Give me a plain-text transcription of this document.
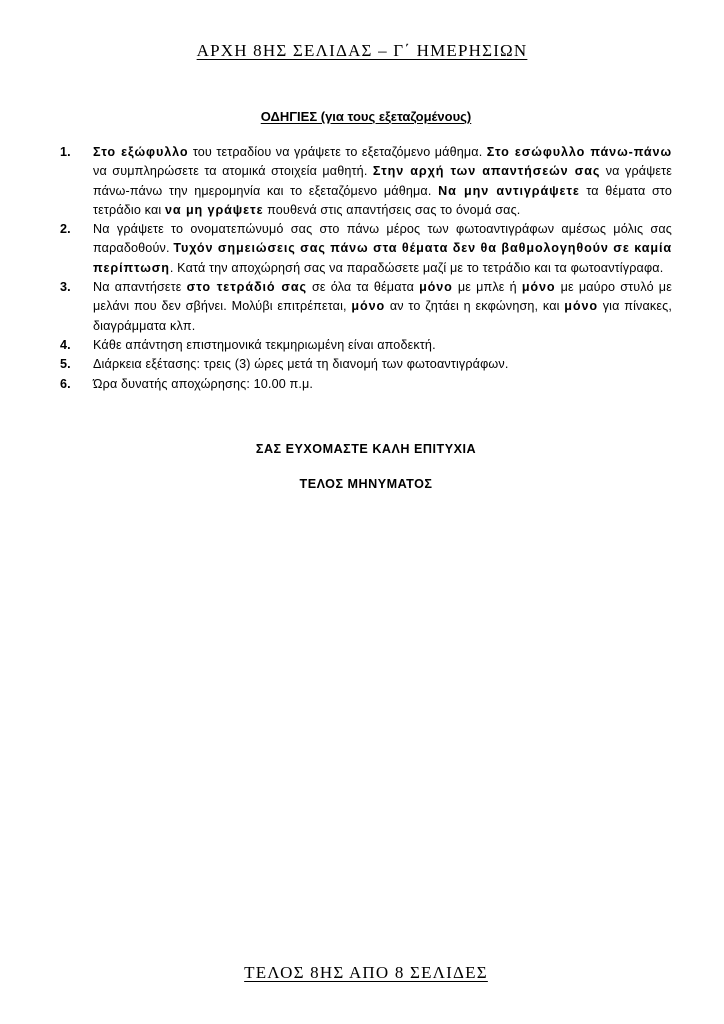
ΑΡΧΗ 8ΗΣ ΣΕΛΙΔΑΣ – Γ΄ ΗΜΕΡΗΣΙΩΝ
ΟΔΗΓΙΕΣ (για τους εξεταζομένους)
1. Στο εξώφυλλο του τετραδίου να γράψετε το εξεταζόμενο μάθημα. Στο εσώφυλλο πάνω-πάνω να συμπληρώσετε τα ατομικά στοιχεία μαθητή. Στην αρχή των απαντήσεών σας να γράψετε πάνω-πάνω την ημερομηνία και το εξεταζόμενο μάθημα. Να μην αντιγράψετε τα θέματα στο τετράδιο και να μη γράψετε πουθενά στις απαντήσεις σας το όνομά σας.
2. Να γράψετε το ονοματεπώνυμό σας στο πάνω μέρος των φωτοαντιγράφων αμέσως μόλις σας παραδοθούν. Τυχόν σημειώσεις σας πάνω στα θέματα δεν θα βαθμολογηθούν σε καμία περίπτωση. Κατά την αποχώρησή σας να παραδώσετε μαζί με το τετράδιο και τα φωτοαντίγραφα.
3. Να απαντήσετε στο τετράδιό σας σε όλα τα θέματα μόνο με μπλε ή μόνο με μαύρο στυλό με μελάνι που δεν σβήνει. Μολύβι επιτρέπεται, μόνο αν το ζητάει η εκφώνηση, και μόνο για πίνακες, διαγράμματα κλπ.
4. Κάθε απάντηση επιστημονικά τεκμηριωμένη είναι αποδεκτή.
5. Διάρκεια εξέτασης: τρεις (3) ώρες μετά τη διανομή των φωτοαντιγράφων.
6. Ώρα δυνατής αποχώρησης: 10.00 π.μ.
ΣΑΣ ΕΥΧΟΜΑΣΤΕ ΚΑΛΗ ΕΠΙΤΥΧΙΑ
ΤΕΛΟΣ ΜΗΝΥΜΑΤΟΣ
ΤΕΛΟΣ 8ΗΣ ΑΠΟ 8 ΣΕΛΙΔΕΣ
